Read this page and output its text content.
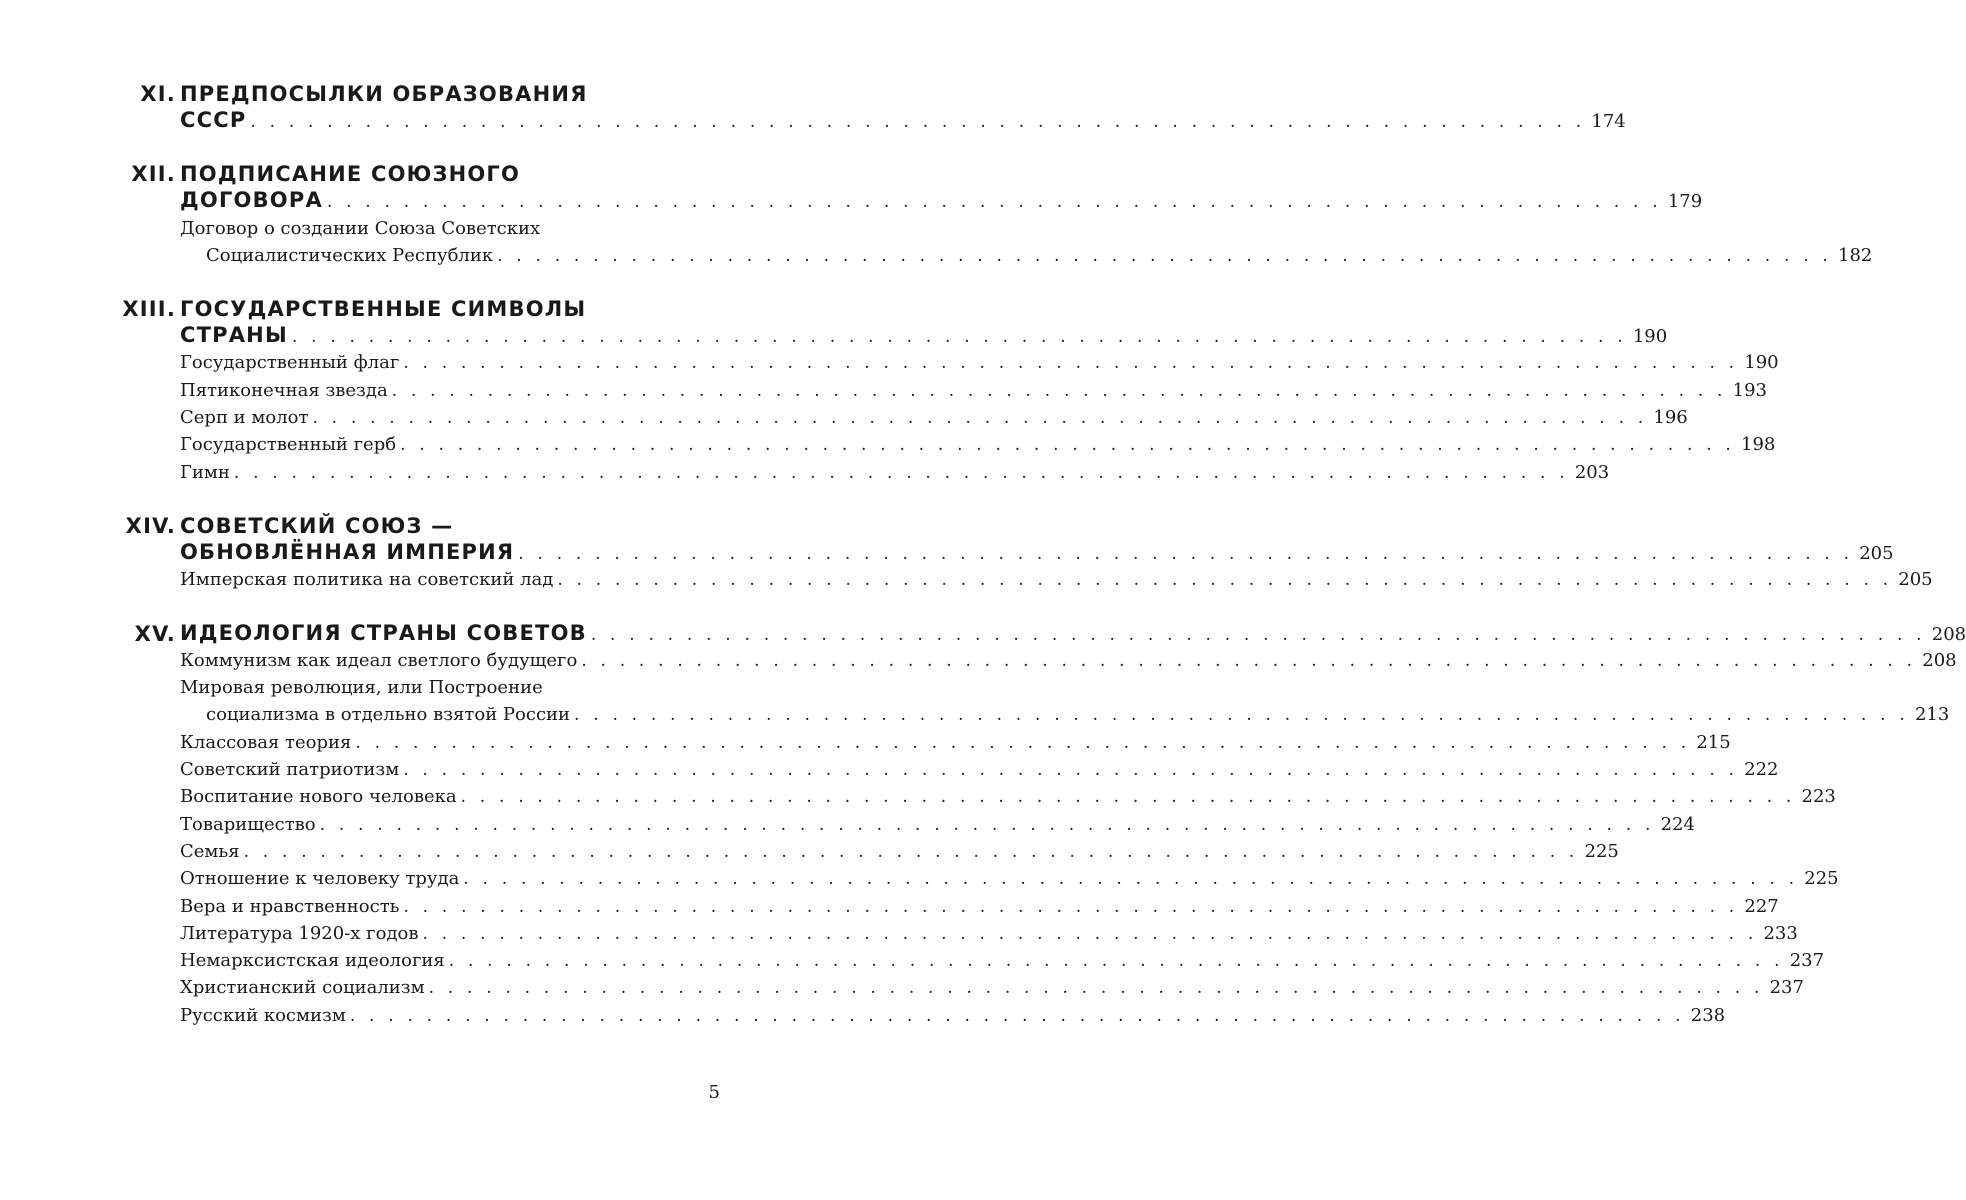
XI. ПРЕДПОСЫЛКИ ОБРАЗОВАНИЯ
СССР . . . . . . . . . . . . . . . . . . . . . . . . . . . . . . . . . . . . . . . . . . . . . . . . . . . . . . . . . . . . . . . . . . . . . . 174
XII. ПОДПИСАНИЕ СОЮЗНОГО
ДОГОВОРА . . . . . . . . . . . . . . . . . . . . . . . . . . . . . . . . . . . . . . . . . . . . . . . . . . . . . . . . . . . . . . . . . . . . . . 179
Договор о создании Союза Советских
Социалистических Республик . . . . . . . . . . . . . . . . . . . . . . . . . . . . . . . . . . . . . . . . . . . . . . . . . . . . . . . . . . . . . . . . . . . . . . 182
XIII. ГОСУДАРСТВЕННЫЕ СИМВОЛЫ
СТРАНЫ . . . . . . . . . . . . . . . . . . . . . . . . . . . . . . . . . . . . . . . . . . . . . . . . . . . . . . . . . . . . . . . . . . . . . . 190
Государственный флаг . . . . . . . . . . . . . . . . . . . . . . . . . . . . . . . . . . . . . . . . . . . . . . . . . . . . . . . . . . . . . . . . . . . . . . 190
Пятиконечная звезда . . . . . . . . . . . . . . . . . . . . . . . . . . . . . . . . . . . . . . . . . . . . . . . . . . . . . . . . . . . . . . . . . . . . . . 193
Серп и молот . . . . . . . . . . . . . . . . . . . . . . . . . . . . . . . . . . . . . . . . . . . . . . . . . . . . . . . . . . . . . . . . . . . . . . 196
Государственный герб . . . . . . . . . . . . . . . . . . . . . . . . . . . . . . . . . . . . . . . . . . . . . . . . . . . . . . . . . . . . . . . . . . . . . . 198
Гимн . . . . . . . . . . . . . . . . . . . . . . . . . . . . . . . . . . . . . . . . . . . . . . . . . . . . . . . . . . . . . . . . . . . . . . 203
XIV. СОВЕТСКИЙ СОЮЗ —
ОБНОВЛЁННАЯ ИМПЕРИЯ . . . . . . . . . . . . . . . . . . . . . . . . . . . . . . . . . . . . . . . . . . . . . . . . . . . . . . . . . . . . . . . . . . . . . . 205
Имперская политика на советский лад . . . . . . . . . . . . . . . . . . . . . . . . . . . . . . . . . . . . . . . . . . . . . . . . . . . . . . . . . . . . . . . . . . . . . . 205
XV. ИДЕОЛОГИЯ СТРАНЫ СОВЕТОВ . . . . . . . . . . . . . . . . . . . . . . . . . . . . . . . . . . . . . . . . . . . . . . . . . . . . . . . . . . . . . . . . . . . . . . 208
Коммунизм как идеал светлого будущего . . . . . . . . . . . . . . . . . . . . . . . . . . . . . . . . . . . . . . . . . . . . . . . . . . . . . . . . . . . . . . . . . . . . . . 208
Мировая революция, или Построение
социализма в отдельно взятой России . . . . . . . . . . . . . . . . . . . . . . . . . . . . . . . . . . . . . . . . . . . . . . . . . . . . . . . . . . . . . . . . . . . . . . 213
Классовая теория . . . . . . . . . . . . . . . . . . . . . . . . . . . . . . . . . . . . . . . . . . . . . . . . . . . . . . . . . . . . . . . . . . . . . . 215
Советский патриотизм . . . . . . . . . . . . . . . . . . . . . . . . . . . . . . . . . . . . . . . . . . . . . . . . . . . . . . . . . . . . . . . . . . . . . . 222
Воспитание нового человека . . . . . . . . . . . . . . . . . . . . . . . . . . . . . . . . . . . . . . . . . . . . . . . . . . . . . . . . . . . . . . . . . . . . . . 223
Товарищество . . . . . . . . . . . . . . . . . . . . . . . . . . . . . . . . . . . . . . . . . . . . . . . . . . . . . . . . . . . . . . . . . . . . . . 224
Семья . . . . . . . . . . . . . . . . . . . . . . . . . . . . . . . . . . . . . . . . . . . . . . . . . . . . . . . . . . . . . . . . . . . . . . 225
Отношение к человеку труда . . . . . . . . . . . . . . . . . . . . . . . . . . . . . . . . . . . . . . . . . . . . . . . . . . . . . . . . . . . . . . . . . . . . . . 225
Вера и нравственность . . . . . . . . . . . . . . . . . . . . . . . . . . . . . . . . . . . . . . . . . . . . . . . . . . . . . . . . . . . . . . . . . . . . . . 227
Литература 1920-х годов . . . . . . . . . . . . . . . . . . . . . . . . . . . . . . . . . . . . . . . . . . . . . . . . . . . . . . . . . . . . . . . . . . . . . . 233
Немарксистская идеология . . . . . . . . . . . . . . . . . . . . . . . . . . . . . . . . . . . . . . . . . . . . . . . . . . . . . . . . . . . . . . . . . . . . . . 237
Христианский социализм . . . . . . . . . . . . . . . . . . . . . . . . . . . . . . . . . . . . . . . . . . . . . . . . . . . . . . . . . . . . . . . . . . . . . . 237
Русский космизм . . . . . . . . . . . . . . . . . . . . . . . . . . . . . . . . . . . . . . . . . . . . . . . . . . . . . . . . . . . . . . . . . . . . . . 238
5
